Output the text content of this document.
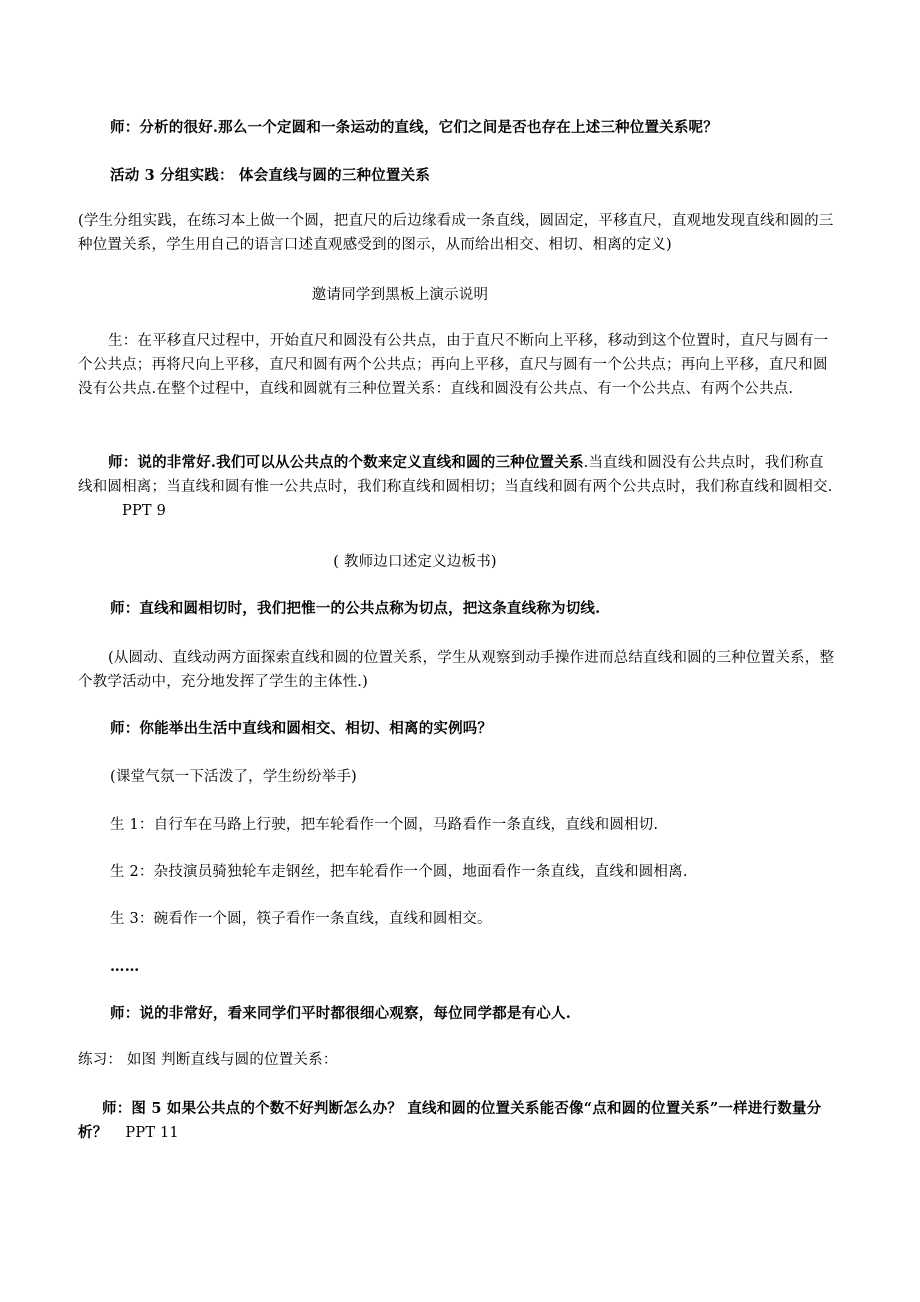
师：分析的很好.那么一个定圆和一条运动的直线，它们之间是否也存在上述三种位置关系呢？

活动 3 分组实践： 体会直线与圆的三种位置关系

(学生分组实践，在练习本上做一个圆，把直尺的后边缘看成一条直线，圆固定，平移直尺，直观地发现直线和圆的三种位置关系，学生用自己的语言口述直观感受到的图示，从而给出相交、相切、相离的定义)

邀请同学到黑板上演示说明

生：在平移直尺过程中，开始直尺和圆没有公共点，由于直尺不断向上平移，移动到这个位置时，直尺与圆有一个公共点；再将尺向上平移，直尺和圆有两个公共点；再向上平移，直尺与圆有一个公共点；再向上平移，直尺和圆没有公共点.在整个过程中，直线和圆就有三种位置关系：直线和圆没有公共点、有一个公共点、有两个公共点.

师：说的非常好.我们可以从公共点的个数来定义直线和圆的三种位置关系.当直线和圆没有公共点时，我们称直线和圆相离；当直线和圆有惟一公共点时，我们称直线和圆相切；当直线和圆有两个公共点时，我们称直线和圆相交.PPT 9

( 教师边口述定义边板书)

师：直线和圆相切时，我们把惟一的公共点称为切点，把这条直线称为切线.

(从圆动、直线动两方面探索直线和圆的位置关系，学生从观察到动手操作进而总结直线和圆的三种位置关系，整个教学活动中，充分地发挥了学生的主体性.)

师：你能举出生活中直线和圆相交、相切、相离的实例吗？

(课堂气氛一下活泼了，学生纷纷举手)

生 1：自行车在马路上行驶，把车轮看作一个圆，马路看作一条直线，直线和圆相切.

生 2：杂技演员骑独轮车走钢丝，把车轮看作一个圆，地面看作一条直线，直线和圆相离.

生 3：碗看作一个圆，筷子看作一条直线，直线和圆相交。

……

师：说的非常好，看来同学们平时都很细心观察，每位同学都是有心人.

练习： 如图 判断直线与圆的位置关系：

师：图 5 如果公共点的个数不好判断怎么办？ 直线和圆的位置关系能否像“点和圆的位置关系”一样进行数量分析？ PPT 11
